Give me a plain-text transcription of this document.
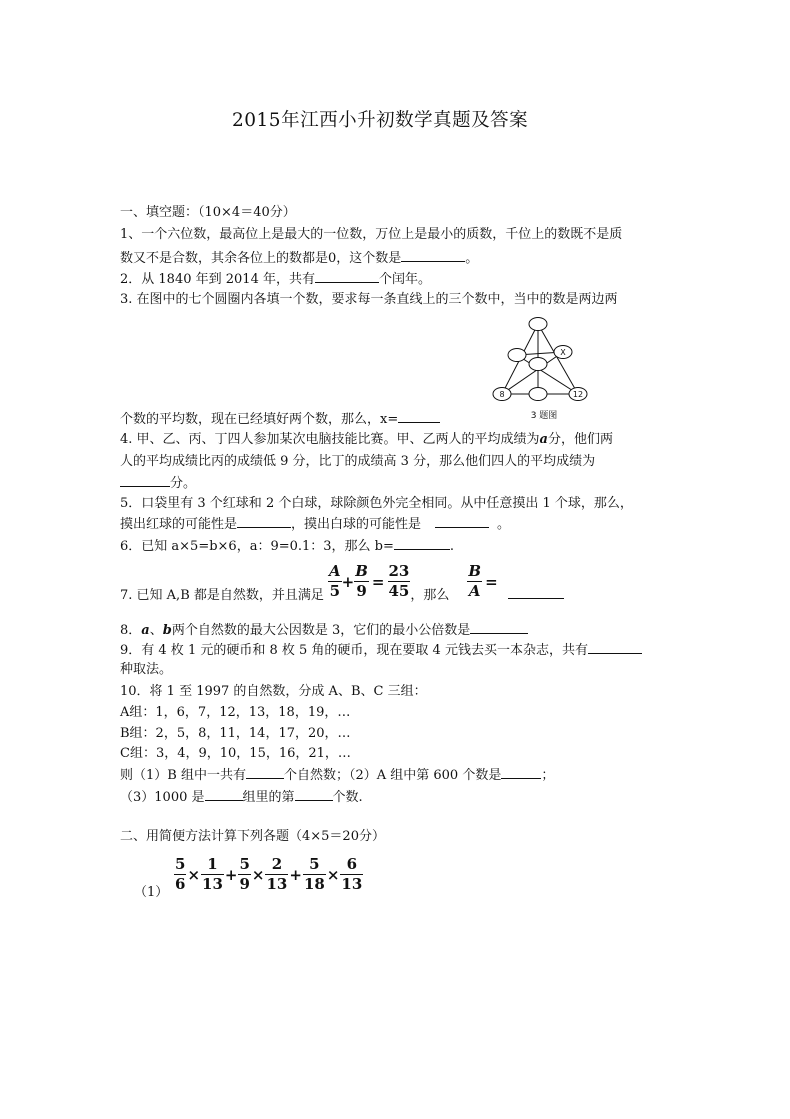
2015年江西小升初数学真题及答案
一、填空题：（10×4＝40分）
1、一个六位数，最高位上是最大的一位数，万位上是最小的质数，千位上的数既不是质
数又不是合数，其余各位上的数都是0，这个数是	。
2．从 1840 年到 2014 年，共有	个闰年。
3. 在图中的七个圆圈内各填一个数，要求每一条直线上的三个数中，当中的数是两边两
X
8	12
3 题图
个数的平均数，现在已经填好两个数，那么，x=
4. 甲、乙、丙、丁四人参加某次电脑技能比赛。甲、乙两人的平均成绩为a分，他们两
人的平均成绩比丙的成绩低 9 分，比丁的成绩高 3 分，那么他们四人的平均成绩为
分。
5．口袋里有 3 个红球和 2 个白球，球除颜色外完全相同。从中任意摸出 1 个球，那么，
摸出红球的可能性是	，摸出白球的可能性是	。
6．已知 a×5=b×6，a：9=0.1：3，那么 b=	.
7. 已知 A,B 都是自然数，并且满足 $\frac{A}{5} + \frac{B}{9} = \frac{23}{45}$ ，那么 $\frac{B}{A}$ =
8．a、b两个自然数的最大公因数是 3，它们的最小公倍数是
9．有 4 枚 1 元的硬币和 8 枚 5 角的硬币，现在要取 4 元钱去买一本杂志，共有
种取法。
10．将 1 至 1997 的自然数，分成 A、B、C 三组：
A组：1，6，7，12，13，18，19，…
B组：2，5，8，11，14，17，20，…
C组：3，4，9，10，15，16，21，…
则（1）B 组中一共有	个自然数；（2）A 组中第 600 个数是	；
（3）1000 是	组里的第	个数.
二、用简便方法计算下列各题（4×5＝20分）
（1）
$\frac{5}{6} \times \frac{1}{13} + \frac{5}{9} \times \frac{2}{13} + \frac{5}{18} \times \frac{6}{13}$
